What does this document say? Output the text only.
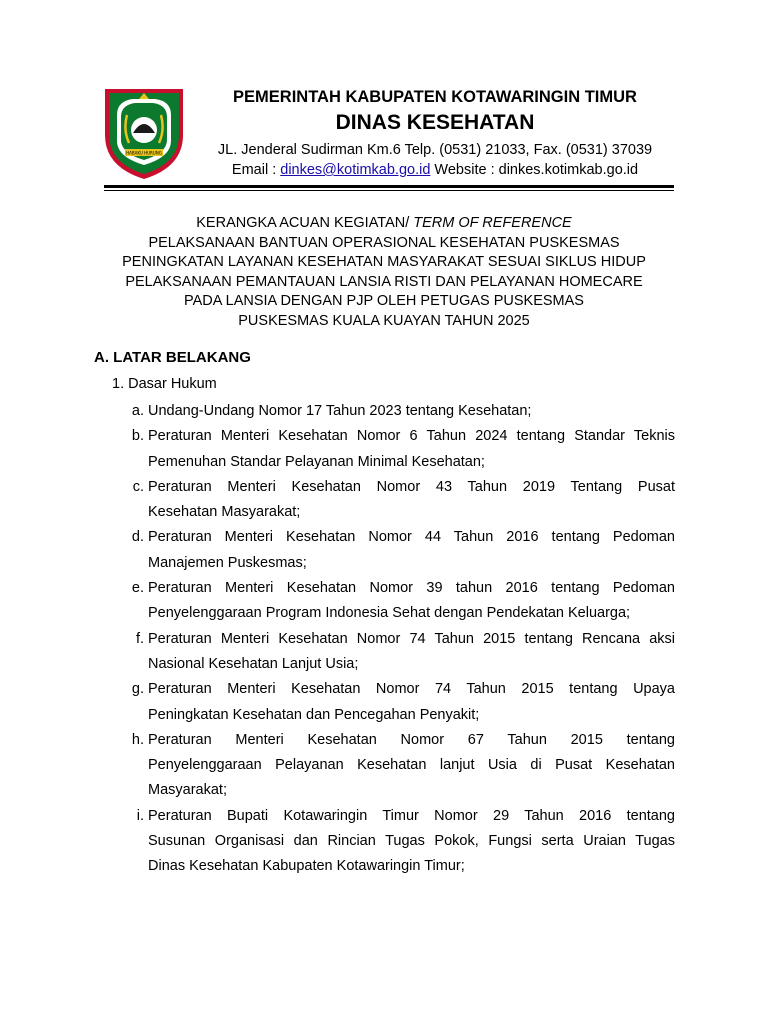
HABAKU HURUNG
PEMERINTAH KABUPATEN KOTAWARINGIN TIMUR
DINAS KESEHATAN
JL. Jenderal Sudirman Km.6 Telp. (0531) 21033, Fax. (0531) 37039
Email : dinkes@kotimkab.go.id Website : dinkes.kotimkab.go.id
KERANGKA ACUAN KEGIATAN/ TERM OF REFERENCE
PELAKSANAAN BANTUAN OPERASIONAL KESEHATAN PUSKESMAS
PENINGKATAN LAYANAN KESEHATAN MASYARAKAT SESUAI SIKLUS HIDUP
PELAKSANAAN PEMANTAUAN LANSIA RISTI DAN PELAYANAN HOMECARE
PADA LANSIA DENGAN PJP OLEH PETUGAS PUSKESMAS
PUSKESMAS KUALA KUAYAN TAHUN 2025
A. LATAR BELAKANG
1. Dasar Hukum
a. Undang-Undang Nomor 17 Tahun 2023 tentang Kesehatan;
b. Peraturan Menteri Kesehatan Nomor 6 Tahun 2024 tentang Standar Teknis
Pemenuhan Standar Pelayanan Minimal Kesehatan;
c. Peraturan Menteri Kesehatan Nomor 43 Tahun 2019 Tentang Pusat
Kesehatan Masyarakat;
d. Peraturan Menteri Kesehatan Nomor 44 Tahun 2016 tentang Pedoman
Manajemen Puskesmas;
e. Peraturan Menteri Kesehatan Nomor 39 tahun 2016 tentang Pedoman
Penyelenggaraan Program Indonesia Sehat dengan Pendekatan Keluarga;
f. Peraturan Menteri Kesehatan Nomor 74 Tahun 2015 tentang Rencana aksi
Nasional Kesehatan Lanjut Usia;
g. Peraturan Menteri Kesehatan Nomor 74 Tahun 2015 tentang Upaya
Peningkatan Kesehatan dan Pencegahan Penyakit;
h. Peraturan Menteri Kesehatan Nomor 67 Tahun 2015 tentang
Penyelenggaraan Pelayanan Kesehatan lanjut Usia di Pusat Kesehatan
Masyarakat;
i. Peraturan Bupati Kotawaringin Timur Nomor 29 Tahun 2016 tentang
Susunan Organisasi dan Rincian Tugas Pokok, Fungsi serta Uraian Tugas
Dinas Kesehatan Kabupaten Kotawaringin Timur;
